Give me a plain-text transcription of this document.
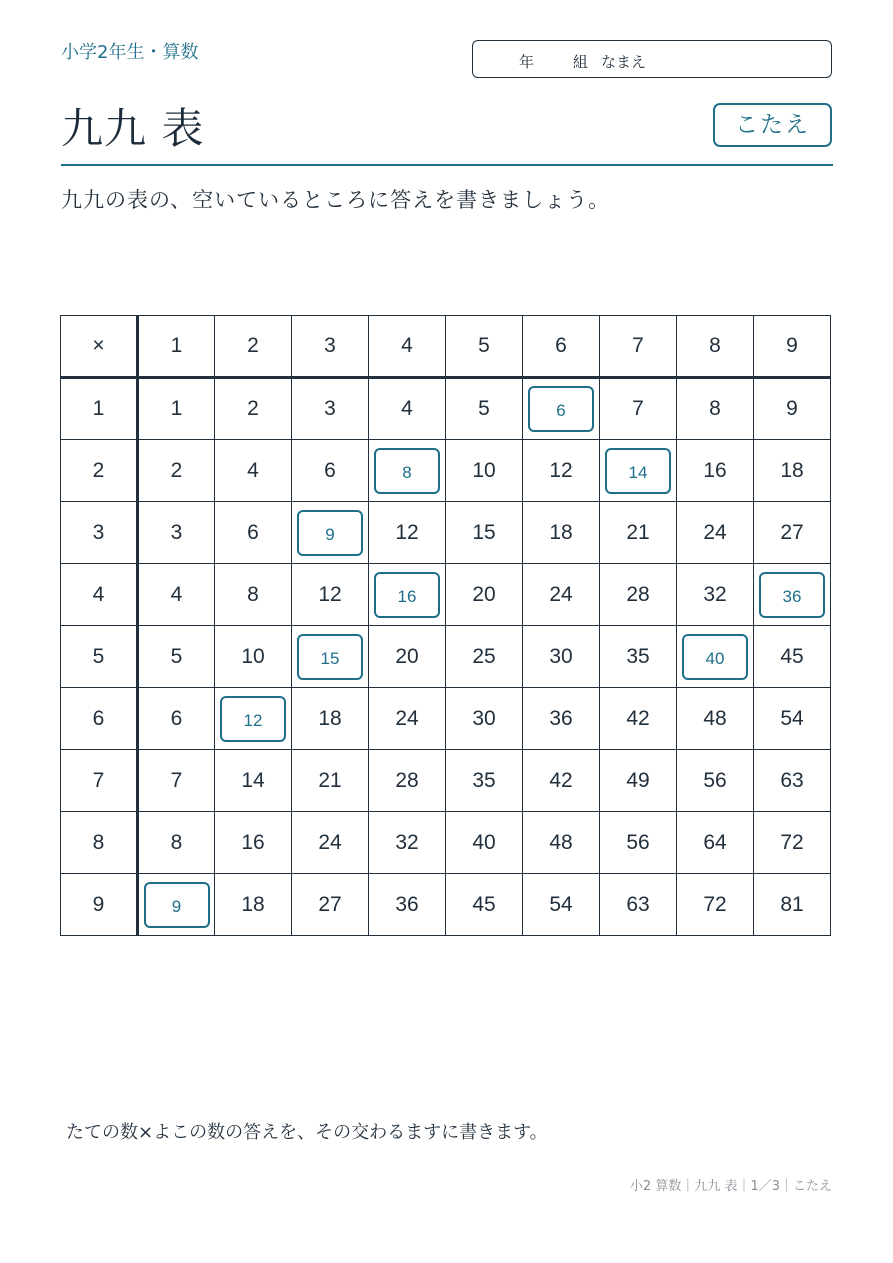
小学2年生・算数	年	組 なまえ
九九 表	こたえ
九九の表の、空いているところに答えを書きましょう。
×	1	2	3	4	5	6	7	8	9
1	1	2	3	4	5	6	7	8	9
2	2	4	6	8	10	12	14	16	18
3	3	6	9	12	15	18	21	24	27
4	4	8	12	16	20	24	28	32	36
5	5	10	15	20	25	30	35	40	45
6	6	12	18	24	30	36	42	48	54
7	7	14	21	28	35	42	49	56	63
8	8	16	24	32	40	48	56	64	72
9	9	18	27	36	45	54	63	72	81
たての数×よこの数の答えを、その交わるますに書きます。
小2 算数｜九九 表｜1／3｜こたえ
